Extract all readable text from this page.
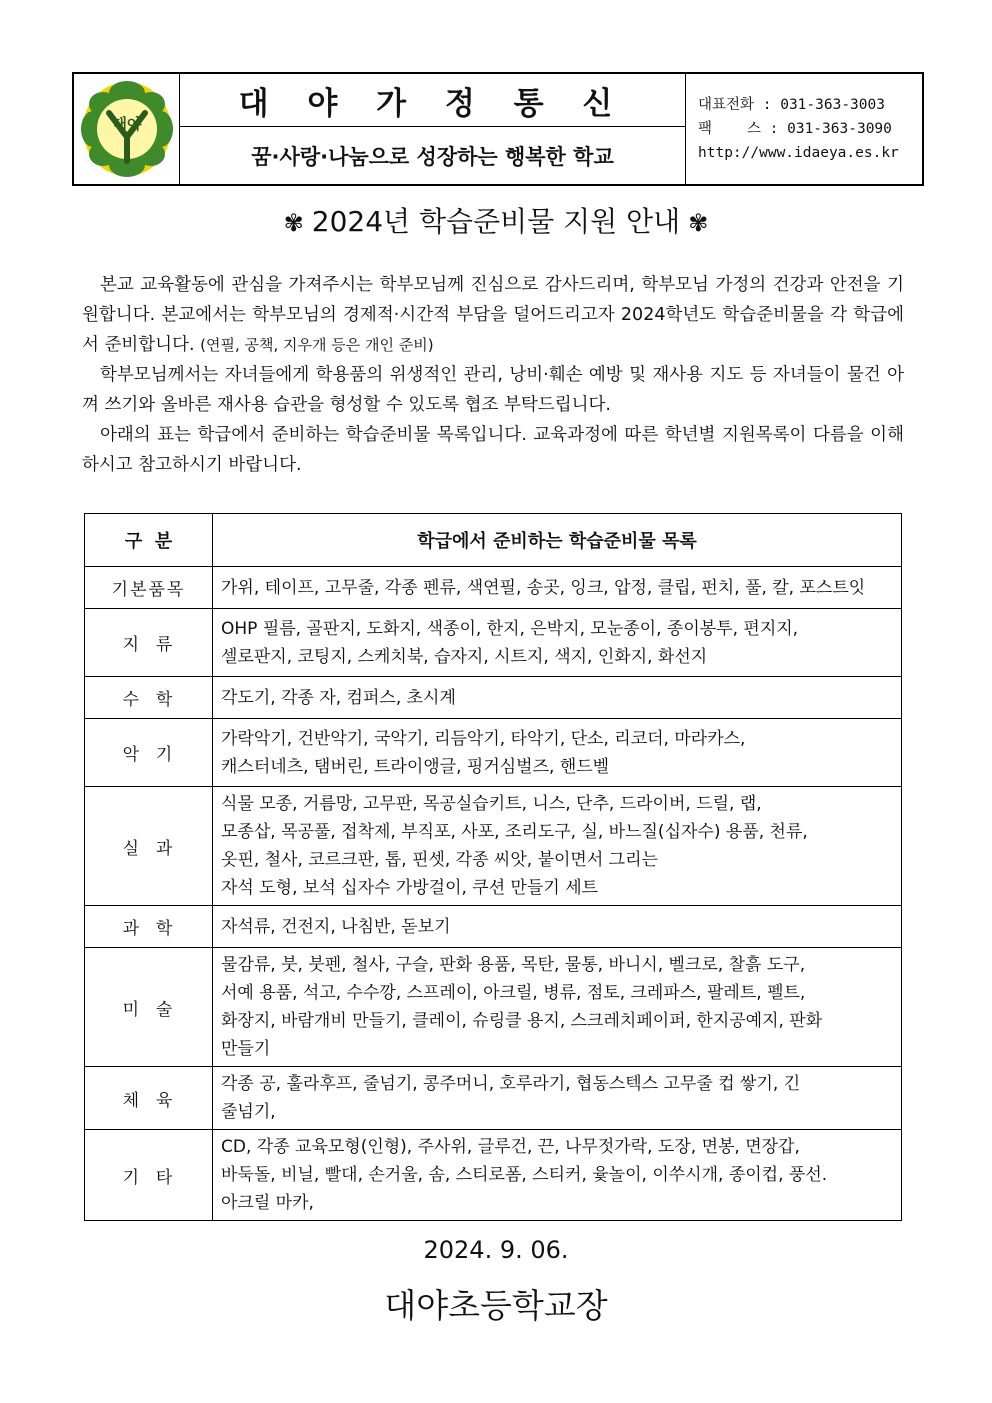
대야
대 야 가 정 통 신
꿈·사랑·나눔으로 성장하는 행복한 학교
대표전화 : 031-363-3003
팩    스 : 031-363-3090
http://www.idaeya.es.kr
✾ 2024년 학습준비물 지원 안내 ✾

본교 교육활동에 관심을 가져주시는 학부모님께 진심으로 감사드리며, 학부모님 가정의 건강과 안전을 기원합니다. 본교에서는 학부모님의 경제적·시간적 부담을 덜어드리고자 2024학년도 학습준비물을 각 학급에서 준비합니다. (연필, 공책, 지우개 등은 개인 준비)

학부모님께서는 자녀들에게 학용품의 위생적인 관리, 낭비·훼손 예방 및 재사용 지도 등 자녀들이 물건 아껴 쓰기와 올바른 재사용 습관을 형성할 수 있도록 협조 부탁드립니다.

아래의 표는 학급에서 준비하는 학습준비물 목록입니다. 교육과정에 따른 학년별 지원목록이 다름을 이해하시고 참고하시기 바랍니다.

구  분	학급에서 준비하는 학습준비물 목록
기본품목	가위, 테이프, 고무줄, 각종 펜류, 색연필, 송곳, 잉크, 압정, 클립, 펀치, 풀, 칼, 포스트잇

지  류	OHP 필름, 골판지, 도화지, 색종이, 한지, 은박지, 모눈종이, 종이봉투, 편지지,
셀로판지, 코팅지, 스케치북, 습자지, 시트지, 색지, 인화지, 화선지

수  학	각도기, 각종 자, 컴퍼스, 초시계

악  기	가락악기, 건반악기, 국악기, 리듬악기, 타악기, 단소, 리코더, 마라카스,
캐스터네츠, 탬버린, 트라이앵글, 핑거심벌즈, 핸드벨

실  과	식물 모종, 거름망, 고무판, 목공실습키트, 니스, 단추, 드라이버, 드릴, 랩,
모종삽, 목공풀, 접착제, 부직포, 사포, 조리도구, 실, 바느질(십자수) 용품, 천류,
옷핀, 철사, 코르크판, 톱, 핀셋, 각종 씨앗, 붙이면서 그리는
자석 도형, 보석 십자수 가방걸이, 쿠션 만들기 세트

과  학	자석류, 건전지, 나침반, 돋보기

미  술	물감류, 붓, 붓펜, 철사, 구슬, 판화 용품, 목탄, 물통, 바니시, 벨크로, 찰흙 도구,
서예 용품, 석고, 수수깡, 스프레이, 아크릴, 병류, 점토, 크레파스, 팔레트, 펠트,
화장지, 바람개비 만들기, 클레이, 슈링클 용지, 스크레치페이퍼, 한지공예지, 판화
만들기

체  육	각종 공, 훌라후프, 줄넘기, 콩주머니, 호루라기, 협동스텍스 고무줄 컵 쌓기, 긴
줄넘기,

기  타	CD, 각종 교육모형(인형), 주사위, 글루건, 끈, 나무젓가락, 도장, 면봉, 면장갑,
바둑돌, 비닐, 빨대, 손거울, 솜, 스티로폼, 스티커, 윷놀이, 이쑤시개, 종이컵, 풍선.
아크릴 마카,
2024. 9. 06.
대야초등학교장
